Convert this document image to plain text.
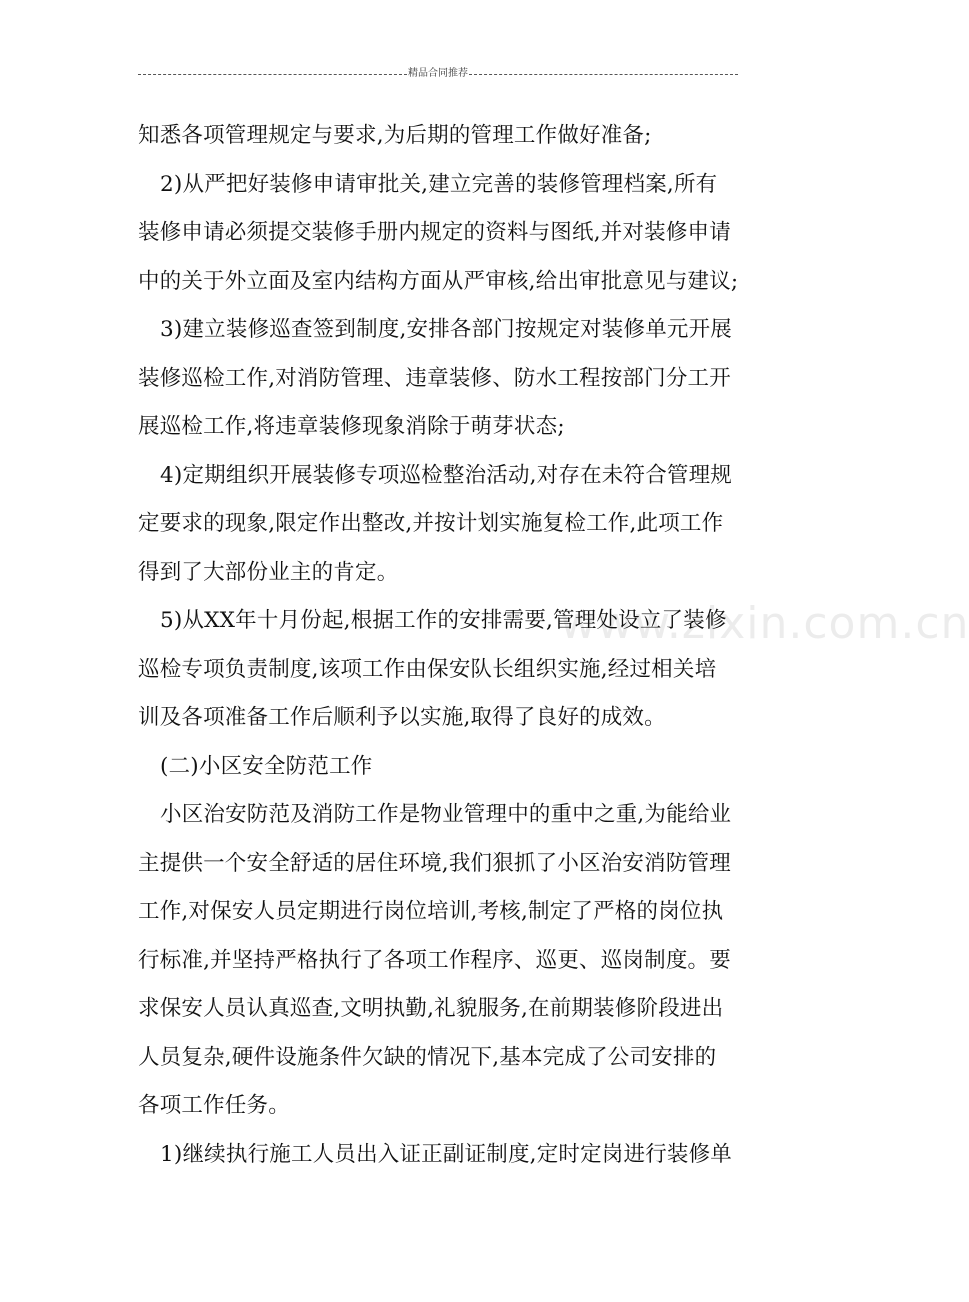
精品合同推荐
www.zixin.com.cn
知悉各项管理规定与要求,为后期的管理工作做好准备;
2)从严把好装修申请审批关,建立完善的装修管理档案,所有
装修申请必须提交装修手册内规定的资料与图纸,并对装修申请
中的关于外立面及室内结构方面从严审核,给出审批意见与建议;
3)建立装修巡查签到制度,安排各部门按规定对装修单元开展
装修巡检工作,对消防管理、违章装修、防水工程按部门分工开
展巡检工作,将违章装修现象消除于萌芽状态;
4)定期组织开展装修专项巡检整治活动,对存在未符合管理规
定要求的现象,限定作出整改,并按计划实施复检工作,此项工作
得到了大部份业主的肯定。
5)从XX年十月份起,根据工作的安排需要,管理处设立了装修
巡检专项负责制度,该项工作由保安队长组织实施,经过相关培
训及各项准备工作后顺利予以实施,取得了良好的成效。
(二)小区安全防范工作
小区治安防范及消防工作是物业管理中的重中之重,为能给业
主提供一个安全舒适的居住环境,我们狠抓了小区治安消防管理
工作,对保安人员定期进行岗位培训,考核,制定了严格的岗位执
行标准,并坚持严格执行了各项工作程序、巡更、巡岗制度。要
求保安人员认真巡查,文明执勤,礼貌服务,在前期装修阶段进出
人员复杂,硬件设施条件欠缺的情况下,基本完成了公司安排的
各项工作任务。
1)继续执行施工人员出入证正副证制度,定时定岗进行装修单
